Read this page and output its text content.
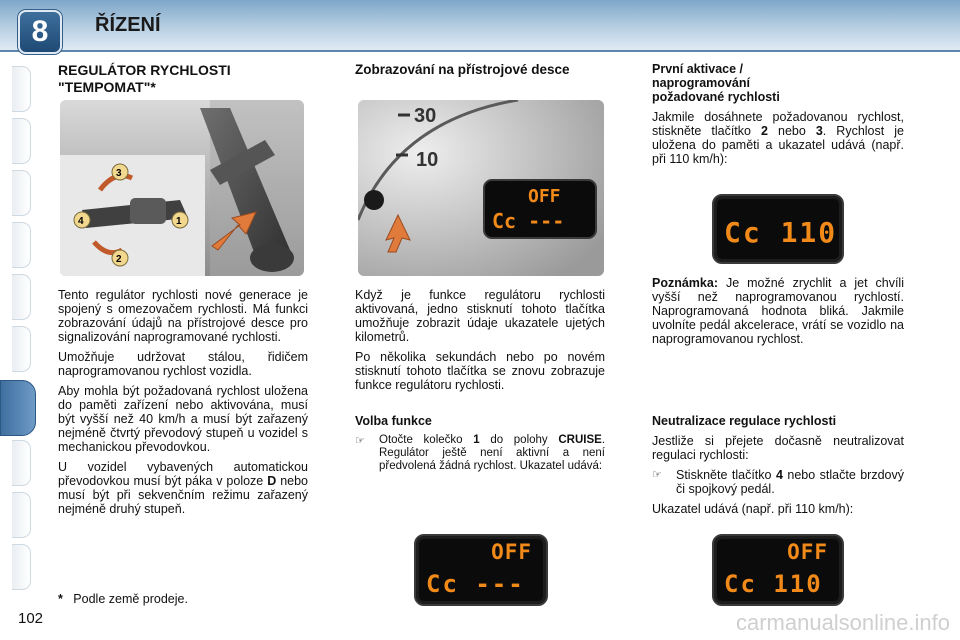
8	ŘÍZENÍ
REGULÁTOR RYCHLOSTI "TEMPOMAT"*
3
1
4
2

Tento regulátor rychlosti nové generace je spojený s omezovačem rychlosti. Má funkci zobrazování údajů na přístrojové desce pro signalizování naprogramované rychlosti.

Umožňuje udržovat stálou, řidičem naprogramovanou rychlost vozidla.

Aby mohla být požadovaná rychlost uložena do paměti zařízení nebo aktivována, musí být vyšší než 40 km/h a musí být zařazený nejméně čtvrtý převodový stupeň u vozidel s mechanickou převodovkou.

U vozidel vybavených automatickou převodovkou musí být páka v poloze D nebo musí být při sekvenčním režimu zařazený nejméně druhý stupeň.

Zobrazování na přístrojové desce
30
10
OFF
Cc ---

Když je funkce regulátoru rychlosti aktivovaná, jedno stisknutí tohoto tlačítka umožňuje zobrazit údaje ukazatele ujetých kilometrů.

Po několika sekundách nebo po novém stisknutí tohoto tlačítka se znovu zobrazuje funkce regulátoru rychlosti.

Volba funkce
☞	Otočte kolečko 1 do polohy CRUISE. Regulátor ještě není aktivní a není předvolená žádná rychlost. Ukazatel udává:
OFF
Cc ---
První aktivace / naprogramování požadované rychlosti

Jakmile dosáhnete požadovanou rychlost, stiskněte tlačítko 2 nebo 3. Rychlost je uložena do paměti a ukazatel udává (např. při 110 km/h):

Cc 110

Poznámka: Je možné zrychlit a jet chvíli vyšší než naprogramovanou rychlostí. Naprogramovaná hodnota bliká. Jakmile uvolníte pedál akcelerace, vrátí se vozidlo na naprogramovanou rychlost.

Neutralizace regulace rychlosti

Jestliže si přejete dočasně neutralizovat regulaci rychlosti:

☞	Stiskněte tlačítko 4 nebo stlačte brzdový či spojkový pedál.

Ukazatel udává (např. při 110 km/h):

OFF
Cc 110
* Podle země prodeje.
102	carmanualsonline.info
